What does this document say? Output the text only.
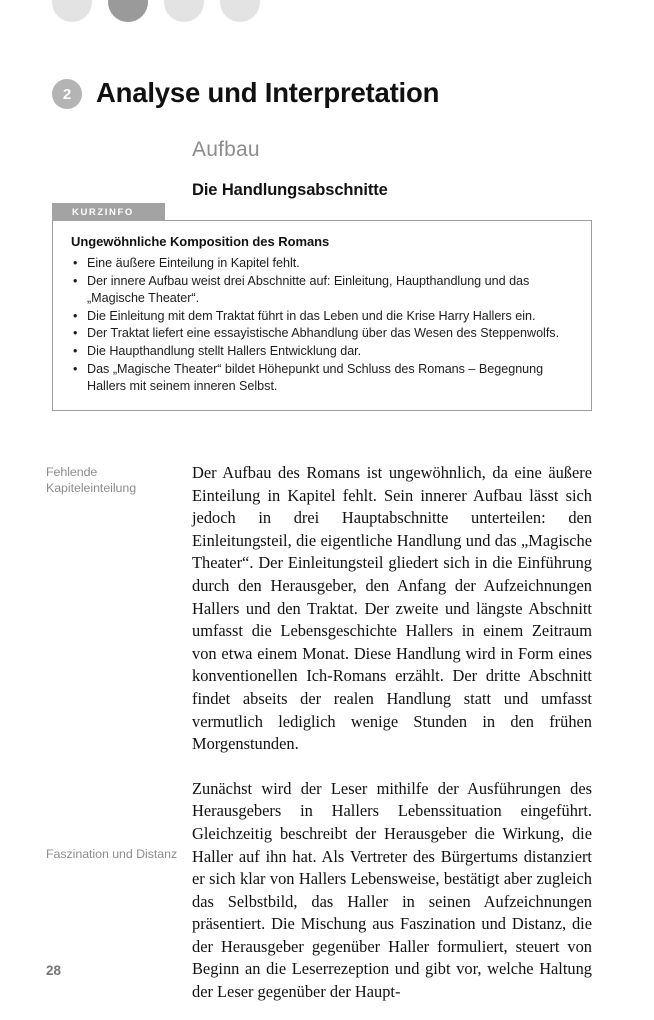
2 Analyse und Interpretation
Aufbau
Die Handlungsabschnitte
KURZINFO
Ungewöhnliche Komposition des Romans
• Eine äußere Einteilung in Kapitel fehlt.
• Der innere Aufbau weist drei Abschnitte auf: Einleitung, Haupthandlung und das „Magische Theater“.
• Die Einleitung mit dem Traktat führt in das Leben und die Krise Harry Hallers ein.
• Der Traktat liefert eine essayistische Abhandlung über das Wesen des Steppenwolfs.
• Die Haupthandlung stellt Hallers Entwicklung dar.
• Das „Magische Theater“ bildet Höhepunkt und Schluss des Romans – Begegnung Hallers mit seinem inneren Selbst.
Fehlende Kapiteleinteilung
Faszination und Distanz

Der Aufbau des Romans ist ungewöhnlich, da eine äußere Einteilung in Kapitel fehlt. Sein innerer Aufbau lässt sich jedoch in drei Hauptabschnitte unterteilen: den Einleitungsteil, die eigentliche Handlung und das „Magische Theater“. Der Einleitungsteil gliedert sich in die Einführung durch den Herausgeber, den Anfang der Aufzeichnungen Hallers und den Traktat. Der zweite und längste Abschnitt umfasst die Lebensgeschichte Hallers in einem Zeitraum von etwa einem Monat. Diese Handlung wird in Form eines konventionellen Ich-Romans erzählt. Der dritte Abschnitt findet abseits der realen Handlung statt und umfasst vermutlich lediglich wenige Stunden in den frühen Morgenstunden.

Zunächst wird der Leser mithilfe der Ausführungen des Herausgebers in Hallers Lebenssituation eingeführt. Gleichzeitig beschreibt der Herausgeber die Wirkung, die Haller auf ihn hat. Als Vertreter des Bürgertums distanziert er sich klar von Hallers Lebensweise, bestätigt aber zugleich das Selbstbild, das Haller in seinen Aufzeichnungen präsentiert. Die Mischung aus Faszination und Distanz, die der Herausgeber gegenüber Haller formuliert, steuert von Beginn an die Leserrezeption und gibt vor, welche Haltung der Leser gegenüber der Haupt-

28
